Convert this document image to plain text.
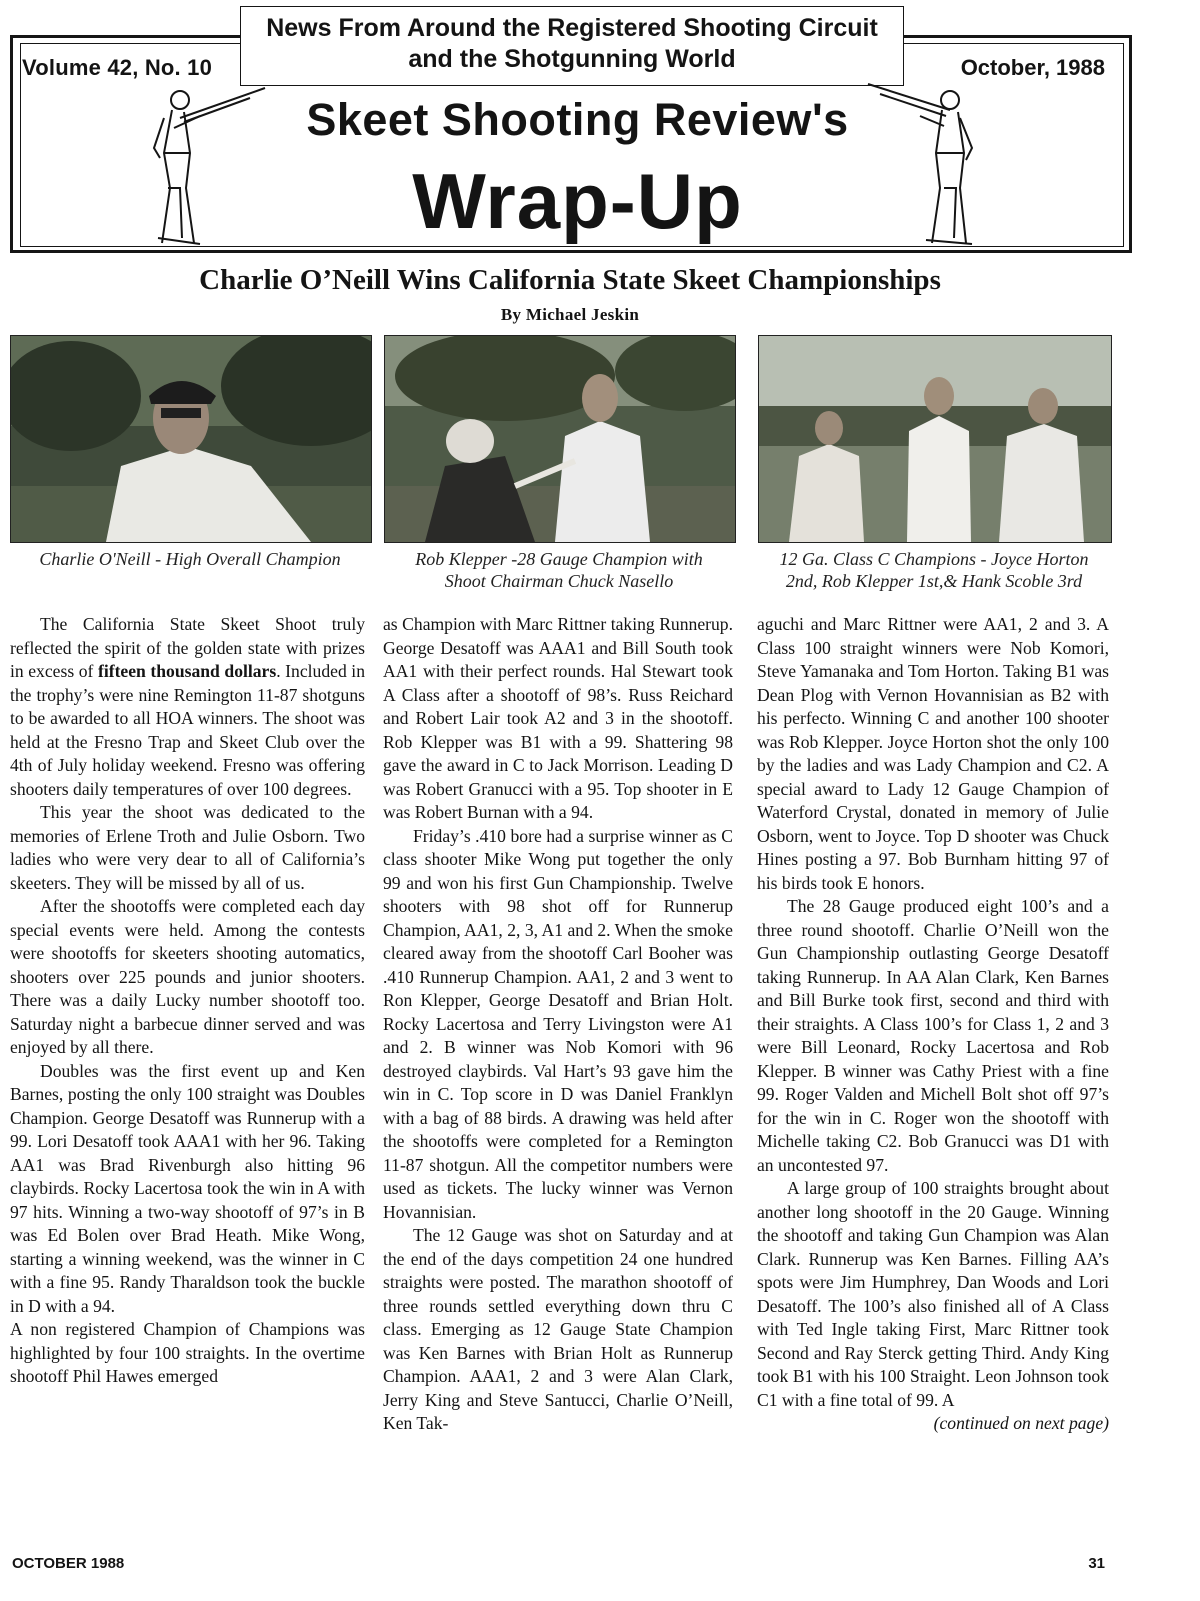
News From Around the Registered Shooting Circuit
and the Shotgunning World
Volume 42, No. 10	October, 1988
Skeet Shooting Review's
Wrap-Up
Charlie O’Neill Wins California State Skeet Championships
By Michael Jeskin
Charlie O'Neill - High Overall Champion	Rob Klepper -28 Gauge Champion with
Shoot Chairman Chuck Nasello
12 Ga. Class C Champions - Joyce Horton
2nd, Rob Klepper 1st,& Hank Scoble 3rd

The California State Skeet Shoot truly reflected the spirit of the golden state with prizes in excess of fifteen thousand dollars. Included in the trophy’s were nine Remington 11-87 shotguns to be awarded to all HOA winners. The shoot was held at the Fresno Trap and Skeet Club over the 4th of July holiday weekend. Fresno was offering shooters daily temperatures of over 100 degrees.

This year the shoot was dedicated to the memories of Erlene Troth and Julie Osborn. Two ladies who were very dear to all of California’s skeeters. They will be missed by all of us.

After the shootoffs were completed each day special events were held. Among the contests were shootoffs for skeeters shooting automatics, shooters over 225 pounds and junior shooters. There was a daily Lucky number shootoff too. Saturday night a barbecue dinner served and was enjoyed by all there.

Doubles was the first event up and Ken Barnes, posting the only 100 straight was Doubles Champion. George Desatoff was Runnerup with a 99. Lori Desatoff took AAA1 with her 96. Taking AA1 was Brad Rivenburgh also hitting 96 claybirds. Rocky Lacertosa took the win in A with 97 hits. Winning a two-way shootoff of 97’s in B was Ed Bolen over Brad Heath. Mike Wong, starting a winning weekend, was the winner in C with a fine 95. Randy Tharaldson took the buckle in D with a 94.

A non registered Champion of Champions was highlighted by four 100 straights. In the overtime shootoff Phil Hawes emerged

as Champion with Marc Rittner taking Runnerup. George Desatoff was AAA1 and Bill South took AA1 with their perfect rounds. Hal Stewart took A Class after a shootoff of 98’s. Russ Reichard and Robert Lair took A2 and 3 in the shootoff. Rob Klepper was B1 with a 99. Shattering 98 gave the award in C to Jack Morrison. Leading D was Robert Granucci with a 95. Top shooter in E was Robert Burnan with a 94.

Friday’s .410 bore had a surprise winner as C class shooter Mike Wong put together the only 99 and won his first Gun Championship. Twelve shooters with 98 shot off for Runnerup Champion, AA1, 2, 3, A1 and 2. When the smoke cleared away from the shootoff Carl Booher was .410 Runnerup Champion. AA1, 2 and 3 went to Ron Klepper, George Desatoff and Brian Holt. Rocky Lacertosa and Terry Livingston were A1 and 2. B winner was Nob Komori with 96 destroyed claybirds. Val Hart’s 93 gave him the win in C. Top score in D was Daniel Franklyn with a bag of 88 birds. A drawing was held after the shootoffs were completed for a Remington 11-87 shotgun. All the competitor numbers were used as tickets. The lucky winner was Vernon Hovannisian.

The 12 Gauge was shot on Saturday and at the end of the days competition 24 one hundred straights were posted. The marathon shootoff of three rounds settled everything down thru C class. Emerging as 12 Gauge State Champion was Ken Barnes with Brian Holt as Runnerup Champion. AAA1, 2 and 3 were Alan Clark, Jerry King and Steve Santucci, Charlie O’Neill, Ken Tak-

aguchi and Marc Rittner were AA1, 2 and 3. A Class 100 straight winners were Nob Komori, Steve Yamanaka and Tom Horton. Taking B1 was Dean Plog with Vernon Hovannisian as B2 with his perfecto. Winning C and another 100 shooter was Rob Klepper. Joyce Horton shot the only 100 by the ladies and was Lady Champion and C2. A special award to Lady 12 Gauge Champion of Waterford Crystal, donated in memory of Julie Osborn, went to Joyce. Top D shooter was Chuck Hines posting a 97. Bob Burnham hitting 97 of his birds took E honors.

The 28 Gauge produced eight 100’s and a three round shootoff. Charlie O’Neill won the Gun Championship outlasting George Desatoff taking Runnerup. In AA Alan Clark, Ken Barnes and Bill Burke took first, second and third with their straights. A Class 100’s for Class 1, 2 and 3 were Bill Leonard, Rocky Lacertosa and Rob Klepper. B winner was Cathy Priest with a fine 99. Roger Valden and Michell Bolt shot off 97’s for the win in C. Roger won the shootoff with Michelle taking C2. Bob Granucci was D1 with an uncontested 97.

A large group of 100 straights brought about another long shootoff in the 20 Gauge. Winning the shootoff and taking Gun Champion was Alan Clark. Runnerup was Ken Barnes. Filling AA’s spots were Jim Humphrey, Dan Woods and Lori Desatoff. The 100’s also finished all of A Class with Ted Ingle taking First, Marc Rittner took Second and Ray Sterck getting Third. Andy King took B1 with his 100 Straight. Leon Johnson took C1 with a fine total of 99. A

(continued on next page)
OCTOBER 1988	31
